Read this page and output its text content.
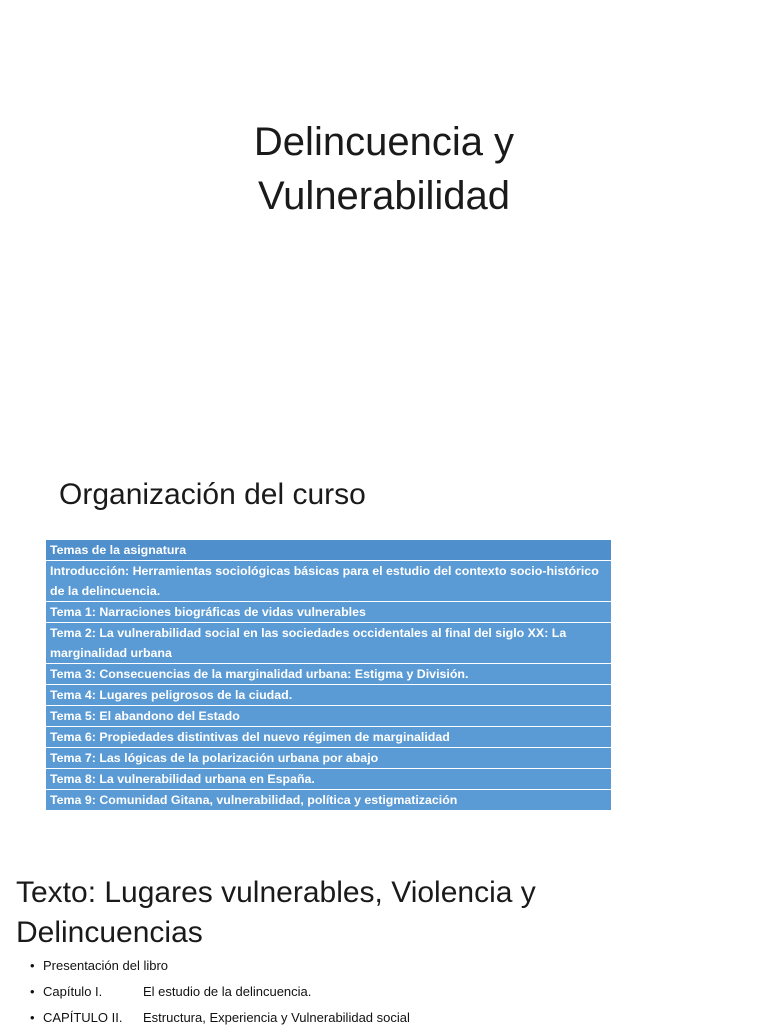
Delincuencia y
Vulnerabilidad
Organización del curso
Temas de la asignatura
Introducción: Herramientas sociológicas básicas para el estudio del contexto socio-histórico de la delincuencia.
Tema 1: Narraciones biográficas de vidas vulnerables
Tema 2: La vulnerabilidad social en las sociedades occidentales al final del siglo XX: La marginalidad urbana
Tema 3: Consecuencias de la marginalidad urbana: Estigma y División.
Tema 4: Lugares peligrosos de la ciudad.
Tema 5: El abandono del Estado
Tema 6: Propiedades distintivas del nuevo régimen de marginalidad
Tema 7: Las lógicas de la polarización urbana por abajo
Tema 8: La vulnerabilidad urbana en España.
Tema 9: Comunidad Gitana, vulnerabilidad, política y estigmatización
Texto: Lugares vulnerables, Violencia y
Delincuencias
• Presentación del libro
• Capítulo I.	El estudio de la delincuencia.
• CAPÍTULO II. Estructura, Experiencia y Vulnerabilidad social
